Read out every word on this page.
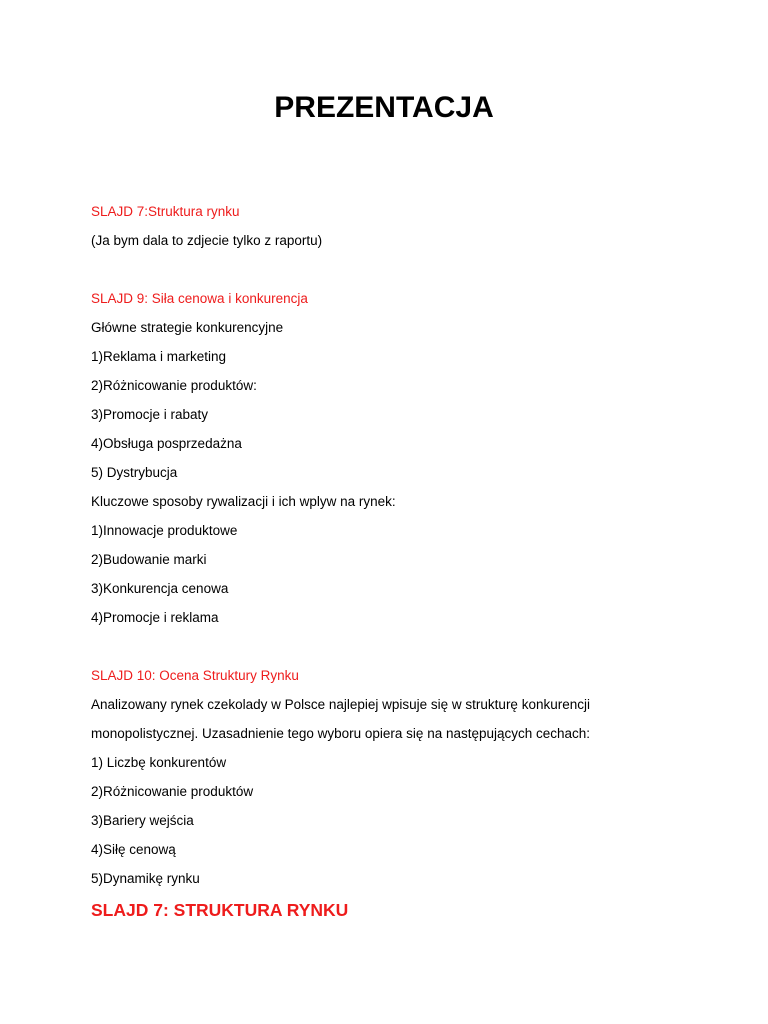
PREZENTACJA
SLAJD 7:Struktura rynku
(Ja bym dala to zdjecie tylko z raportu)
SLAJD 9: Siła cenowa i konkurencja
Główne strategie konkurencyjne
1)Reklama i marketing
2)Różnicowanie produktów:
3)Promocje i rabaty
4)Obsługa posprzedażna
5) Dystrybucja
Kluczowe sposoby rywalizacji i ich wplyw na rynek:
1)Innowacje produktowe
2)Budowanie marki
3)Konkurencja cenowa
4)Promocje i reklama
SLAJD 10: Ocena Struktury Rynku
Analizowany rynek czekolady w Polsce najlepiej wpisuje się w strukturę konkurencji
monopolistycznej. Uzasadnienie tego wyboru opiera się na następujących cechach:
1) Liczbę konkurentów
2)Różnicowanie produktów
3)Bariery wejścia
4)Siłę cenową
5)Dynamikę rynku
SLAJD 7: STRUKTURA RYNKU
